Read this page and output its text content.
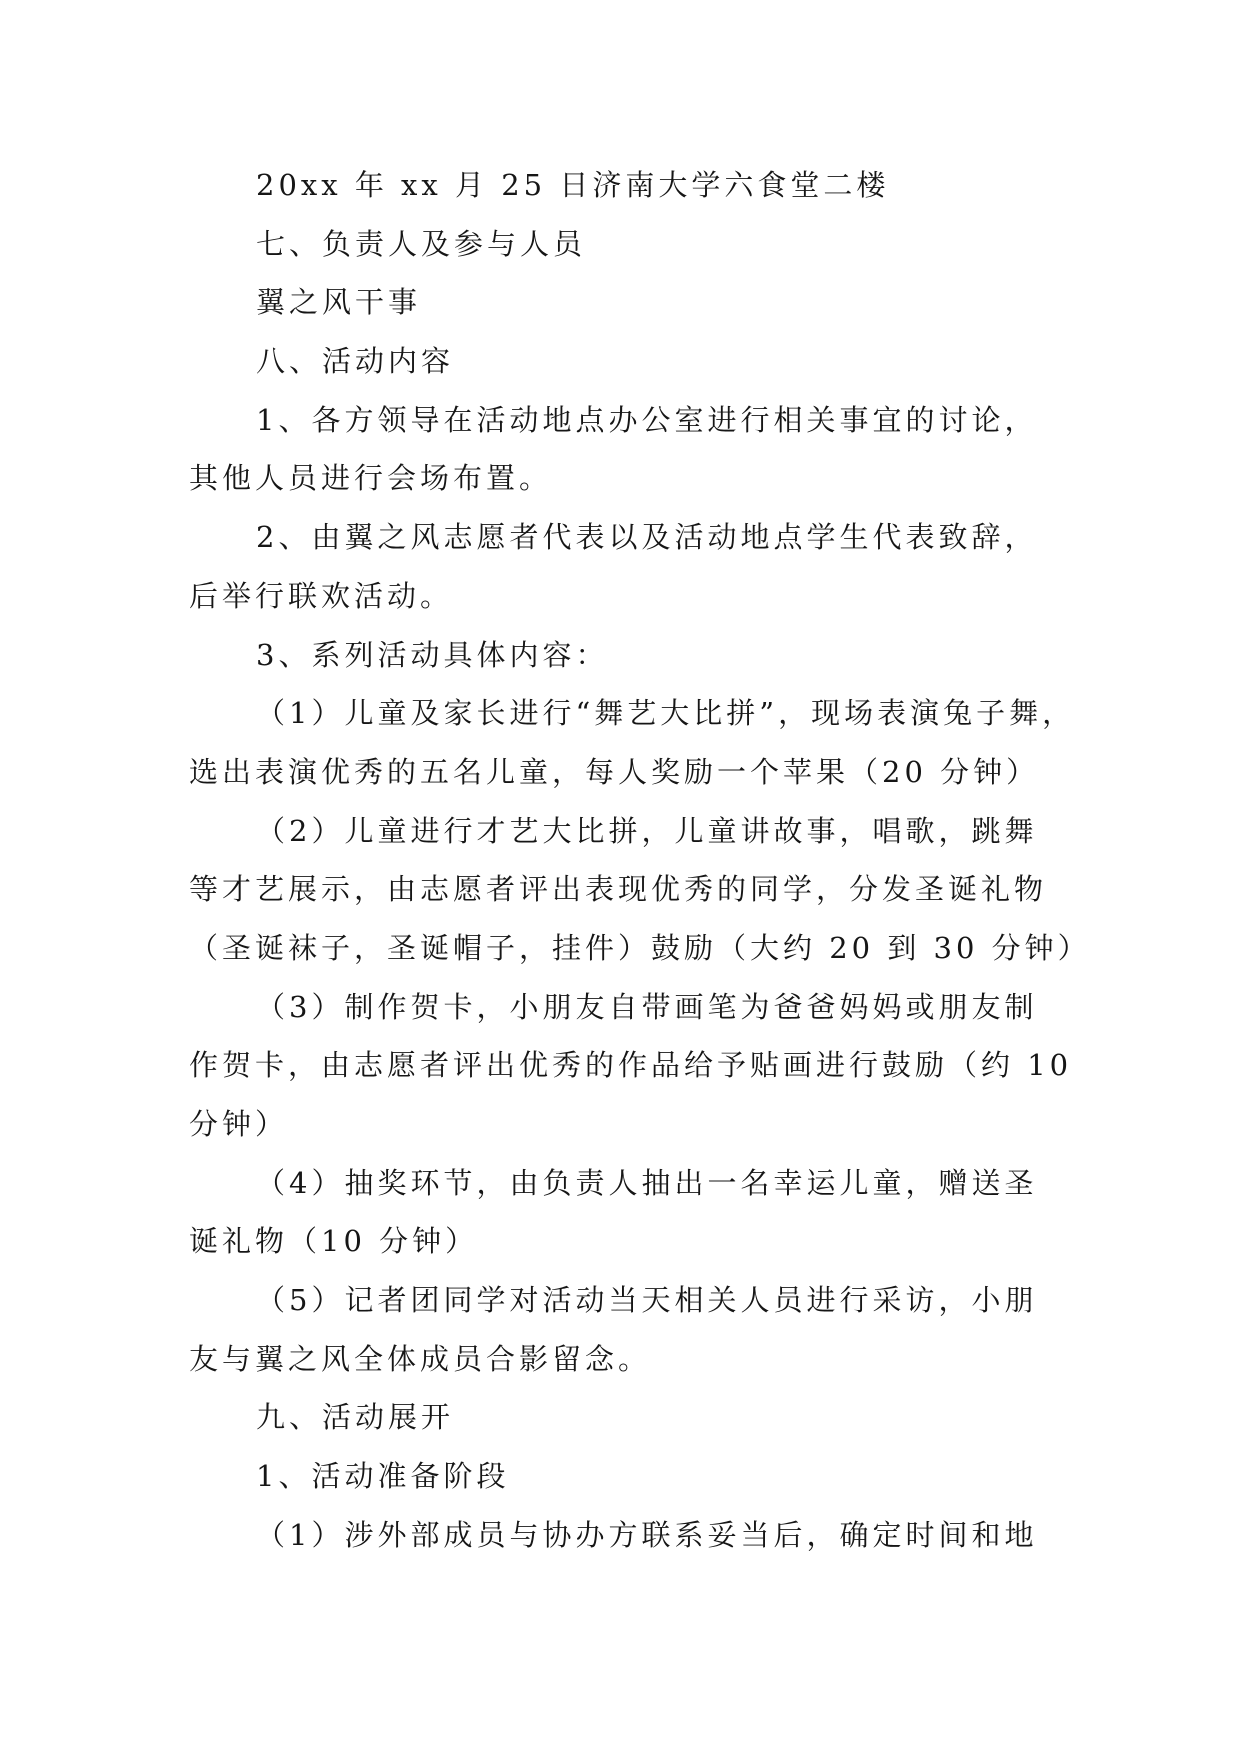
20xx 年 xx 月 25 日济南大学六食堂二楼
七、负责人及参与人员
翼之风干事
八、活动内容
1、各方领导在活动地点办公室进行相关事宜的讨论，
其他人员进行会场布置。
2、由翼之风志愿者代表以及活动地点学生代表致辞，
后举行联欢活动。
3、系列活动具体内容：
（1）儿童及家长进行“舞艺大比拼”，现场表演兔子舞，
选出表演优秀的五名儿童，每人奖励一个苹果（20 分钟）
（2）儿童进行才艺大比拼，儿童讲故事，唱歌，跳舞
等才艺展示，由志愿者评出表现优秀的同学，分发圣诞礼物
（圣诞袜子，圣诞帽子，挂件）鼓励（大约 20 到 30 分钟）
（3）制作贺卡，小朋友自带画笔为爸爸妈妈或朋友制
作贺卡，由志愿者评出优秀的作品给予贴画进行鼓励（约 10
分钟）
（4）抽奖环节，由负责人抽出一名幸运儿童，赠送圣
诞礼物（10 分钟）
（5）记者团同学对活动当天相关人员进行采访，小朋
友与翼之风全体成员合影留念。
九、活动展开
1、活动准备阶段
（1）涉外部成员与协办方联系妥当后，确定时间和地
